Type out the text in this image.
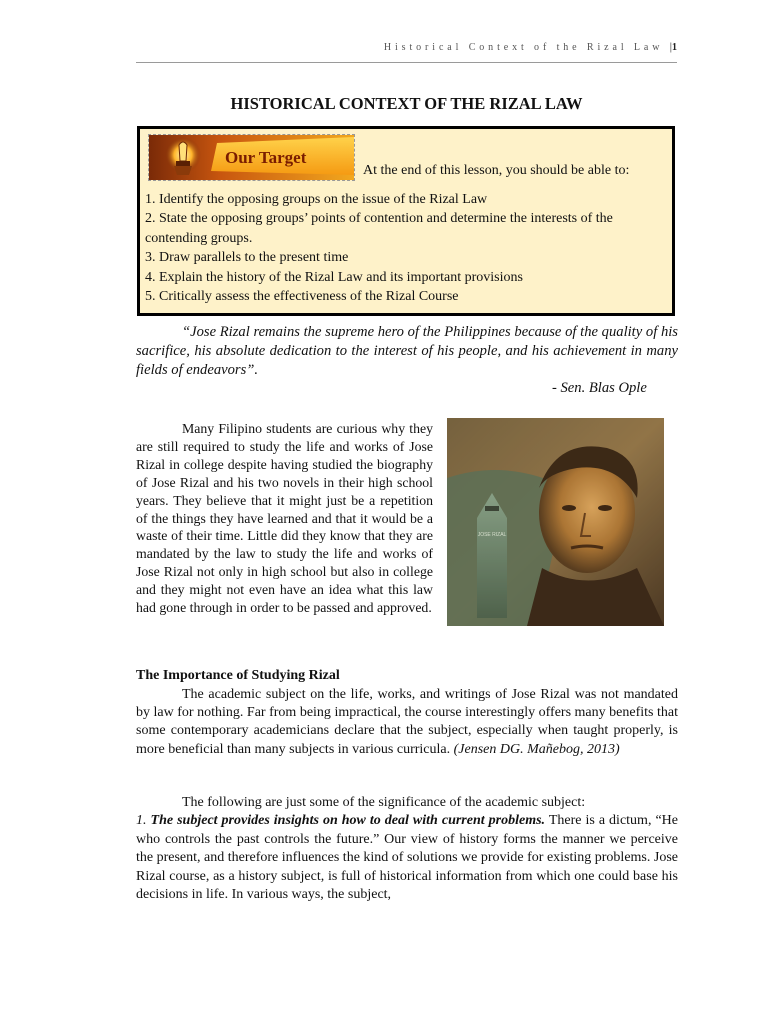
Historical Context of the Rizal Law |1
HISTORICAL CONTEXT OF THE RIZAL LAW
Our Target
At the end of this lesson, you should be able to:
1. Identify the opposing groups on the issue of the Rizal Law
2. State the opposing groups’ points of contention and determine the interests of the contending groups.
3. Draw parallels to the present time
4. Explain the history of the Rizal Law and its important provisions
5. Critically assess the effectiveness of the Rizal Course
“Jose Rizal remains the supreme hero of the Philippines because of the quality of his sacrifice, his absolute dedication to the interest of his people, and his achievement in many fields of endeavors”.
- Sen. Blas Ople
Many Filipino students are curious why they are still required to study the life and works of Jose Rizal in college despite having studied the biography of Jose Rizal and his two novels in their high school years. They believe that it might just be a repetition of the things they have learned and that it would be a waste of their time. Little did they know that they are mandated by the law to study the life and works of Jose Rizal not only in high school but also in college and they might not even have an idea what this law had gone through in order to be passed and approved.
JOSE RIZAL
The Importance of Studying Rizal
The academic subject on the life, works, and writings of Jose Rizal was not mandated by law for nothing. Far from being impractical, the course interestingly offers many benefits that some contemporary academicians declare that the subject, especially when taught properly, is more beneficial than many subjects in various curricula. (Jensen DG. Mañebog, 2013)
The following are just some of the significance of the academic subject:
1. The subject provides insights on how to deal with current problems. There is a dictum, “He who controls the past controls the future.” Our view of history forms the manner we perceive the present, and therefore influences the kind of solutions we provide for existing problems. Jose Rizal course, as a history subject, is full of historical information from which one could base his decisions in life. In various ways, the subject,
